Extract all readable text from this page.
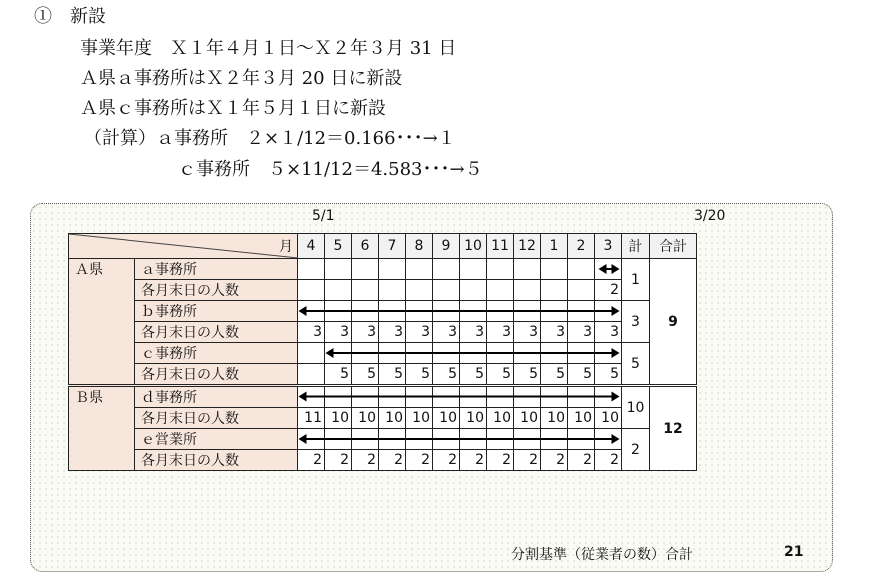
①　新設
事業年度　Ｘ１年４月１日～Ｘ２年３月 31 日
Ａ県ａ事務所はＸ２年３月 20 日に新設
Ａ県ｃ事務所はＸ１年５月１日に新設
（計算）ａ事務所　２×１/12＝0.166･･･→１
ｃ事務所　５×11/12＝4.583･･･→５
5/1	3/20
月		4	5	6	7	8	9	10	11	12	1	2	3	計	合計
Ａ県	ａ事務所													1	9
	各月末日の人数												2		
	ｂ事務所													3	
	各月末日の人数	3	3	3	3	3	3	3	3	3	3	3	3		
	ｃ事務所													5	
	各月末日の人数		5	5	5	5	5	5	5	5	5	5	5		
Ｂ県	ｄ事務所													10	12
	各月末日の人数	11	10	10	10	10	10	10	10	10	10	10	10		
	ｅ営業所													2	
	各月末日の人数	2	2	2	2	2	2	2	2	2	2	2	2		
分割基準（従業者の数）合計	21
